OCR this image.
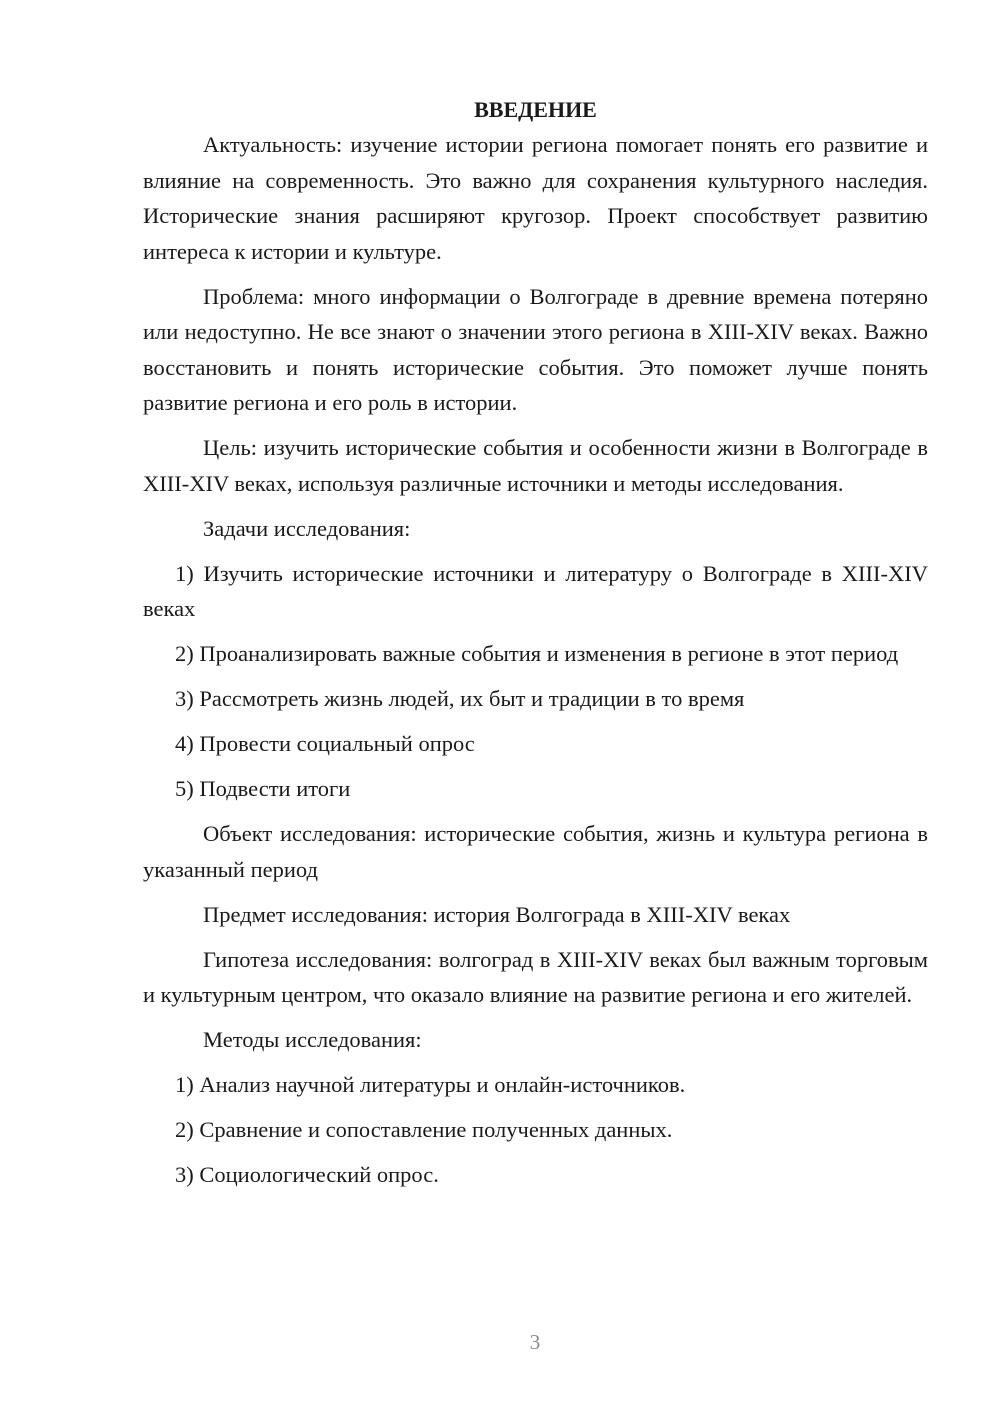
ВВЕДЕНИЕ

Актуальность: изучение истории региона помогает понять его развитие и влияние на современность. Это важно для сохранения культурного наследия. Исторические знания расширяют кругозор. Проект способствует развитию интереса к истории и культуре.

Проблема: много информации о Волгограде в древние времена потеряно или недоступно. Не все знают о значении этого региона в XIII-XIV веках. Важно восстановить и понять исторические события. Это поможет лучше понять развитие региона и его роль в истории.

Цель: изучить исторические события и особенности жизни в Волгограде в XIII-XIV веках, используя различные источники и методы исследования.

Задачи исследования:

1) Изучить исторические источники и литературу о Волгограде в XIII-XIV веках

2) Проанализировать важные события и изменения в регионе в этот период

3) Рассмотреть жизнь людей, их быт и традиции в то время

4) Провести социальный опрос

5) Подвести итоги

Объект исследования: исторические события, жизнь и культура региона в указанный период

Предмет исследования: история Волгограда в XIII-XIV веках

Гипотеза исследования: волгоград в XIII-XIV веках был важным торговым и культурным центром, что оказало влияние на развитие региона и его жителей.

Методы исследования:

1) Анализ научной литературы и онлайн-источников.

2) Сравнение и сопоставление полученных данных.

3) Социологический опрос.

3
